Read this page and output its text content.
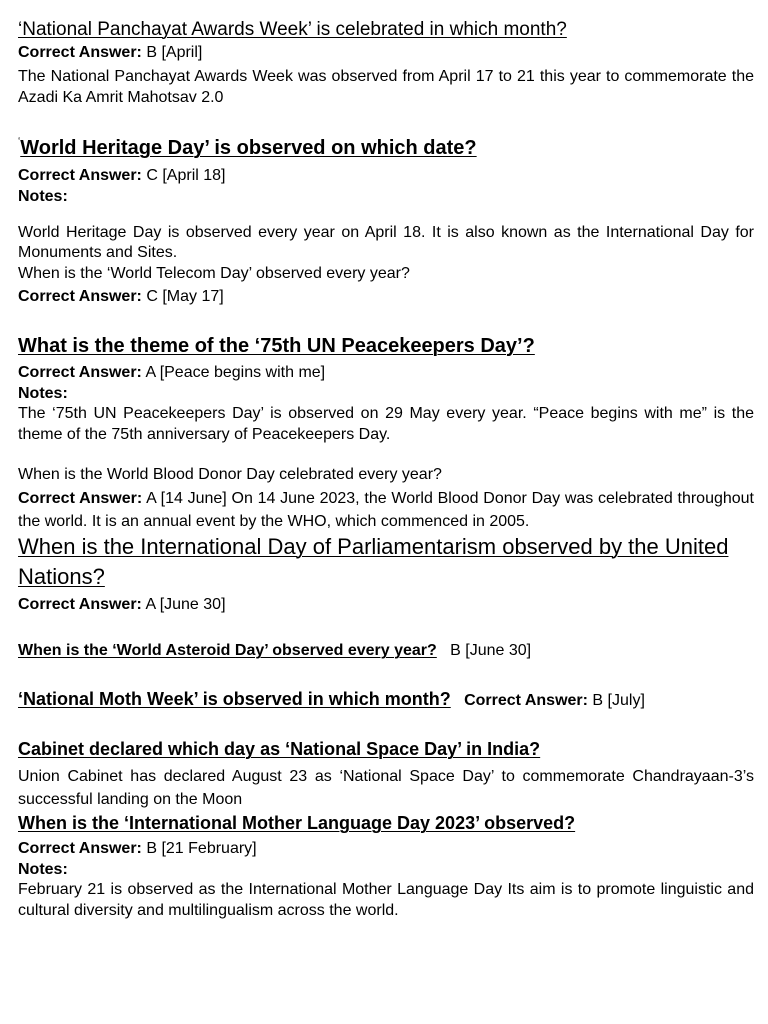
‘National Panchayat Awards Week’ is celebrated in which month?
Correct Answer: B [April]
The National Panchayat Awards Week was observed from April 17 to 21 this year to commemorate the Azadi Ka Amrit Mahotsav 2.0
‘World Heritage Day’ is observed on which date?
Correct Answer: C [April 18]
Notes:
World Heritage Day is observed every year on April 18. It is also known as the International Day for Monuments and Sites.
When is the ‘World Telecom Day’ observed every year?
Correct Answer: C [May 17]
What is the theme of the ‘75th UN Peacekeepers Day’?
Correct Answer: A [Peace begins with me]
Notes:
The ‘75th UN Peacekeepers Day’ is observed on 29 May every year. “Peace begins with me” is the theme of the 75th anniversary of Peacekeepers Day.
When is the World Blood Donor Day celebrated every year?
Correct Answer: A [14 June] On 14 June 2023, the World Blood Donor Day was celebrated throughout the world. It is an annual event by the WHO, which commenced in 2005.
When is the International Day of Parliamentarism observed by the United Nations?
Correct Answer: A [June 30]
When is the ‘World Asteroid Day’ observed every year? B [June 30]
‘National Moth Week’ is observed in which month? Correct Answer: B [July]
Cabinet declared which day as ‘National Space Day’ in India?
Union Cabinet has declared August 23 as ‘National Space Day’ to commemorate Chandrayaan-3’s successful landing on the Moon
When is the ‘International Mother Language Day 2023’ observed?
Correct Answer: B [21 February]
Notes:
February 21 is observed as the International Mother Language Day Its aim is to promote linguistic and cultural diversity and multilingualism across the world.
